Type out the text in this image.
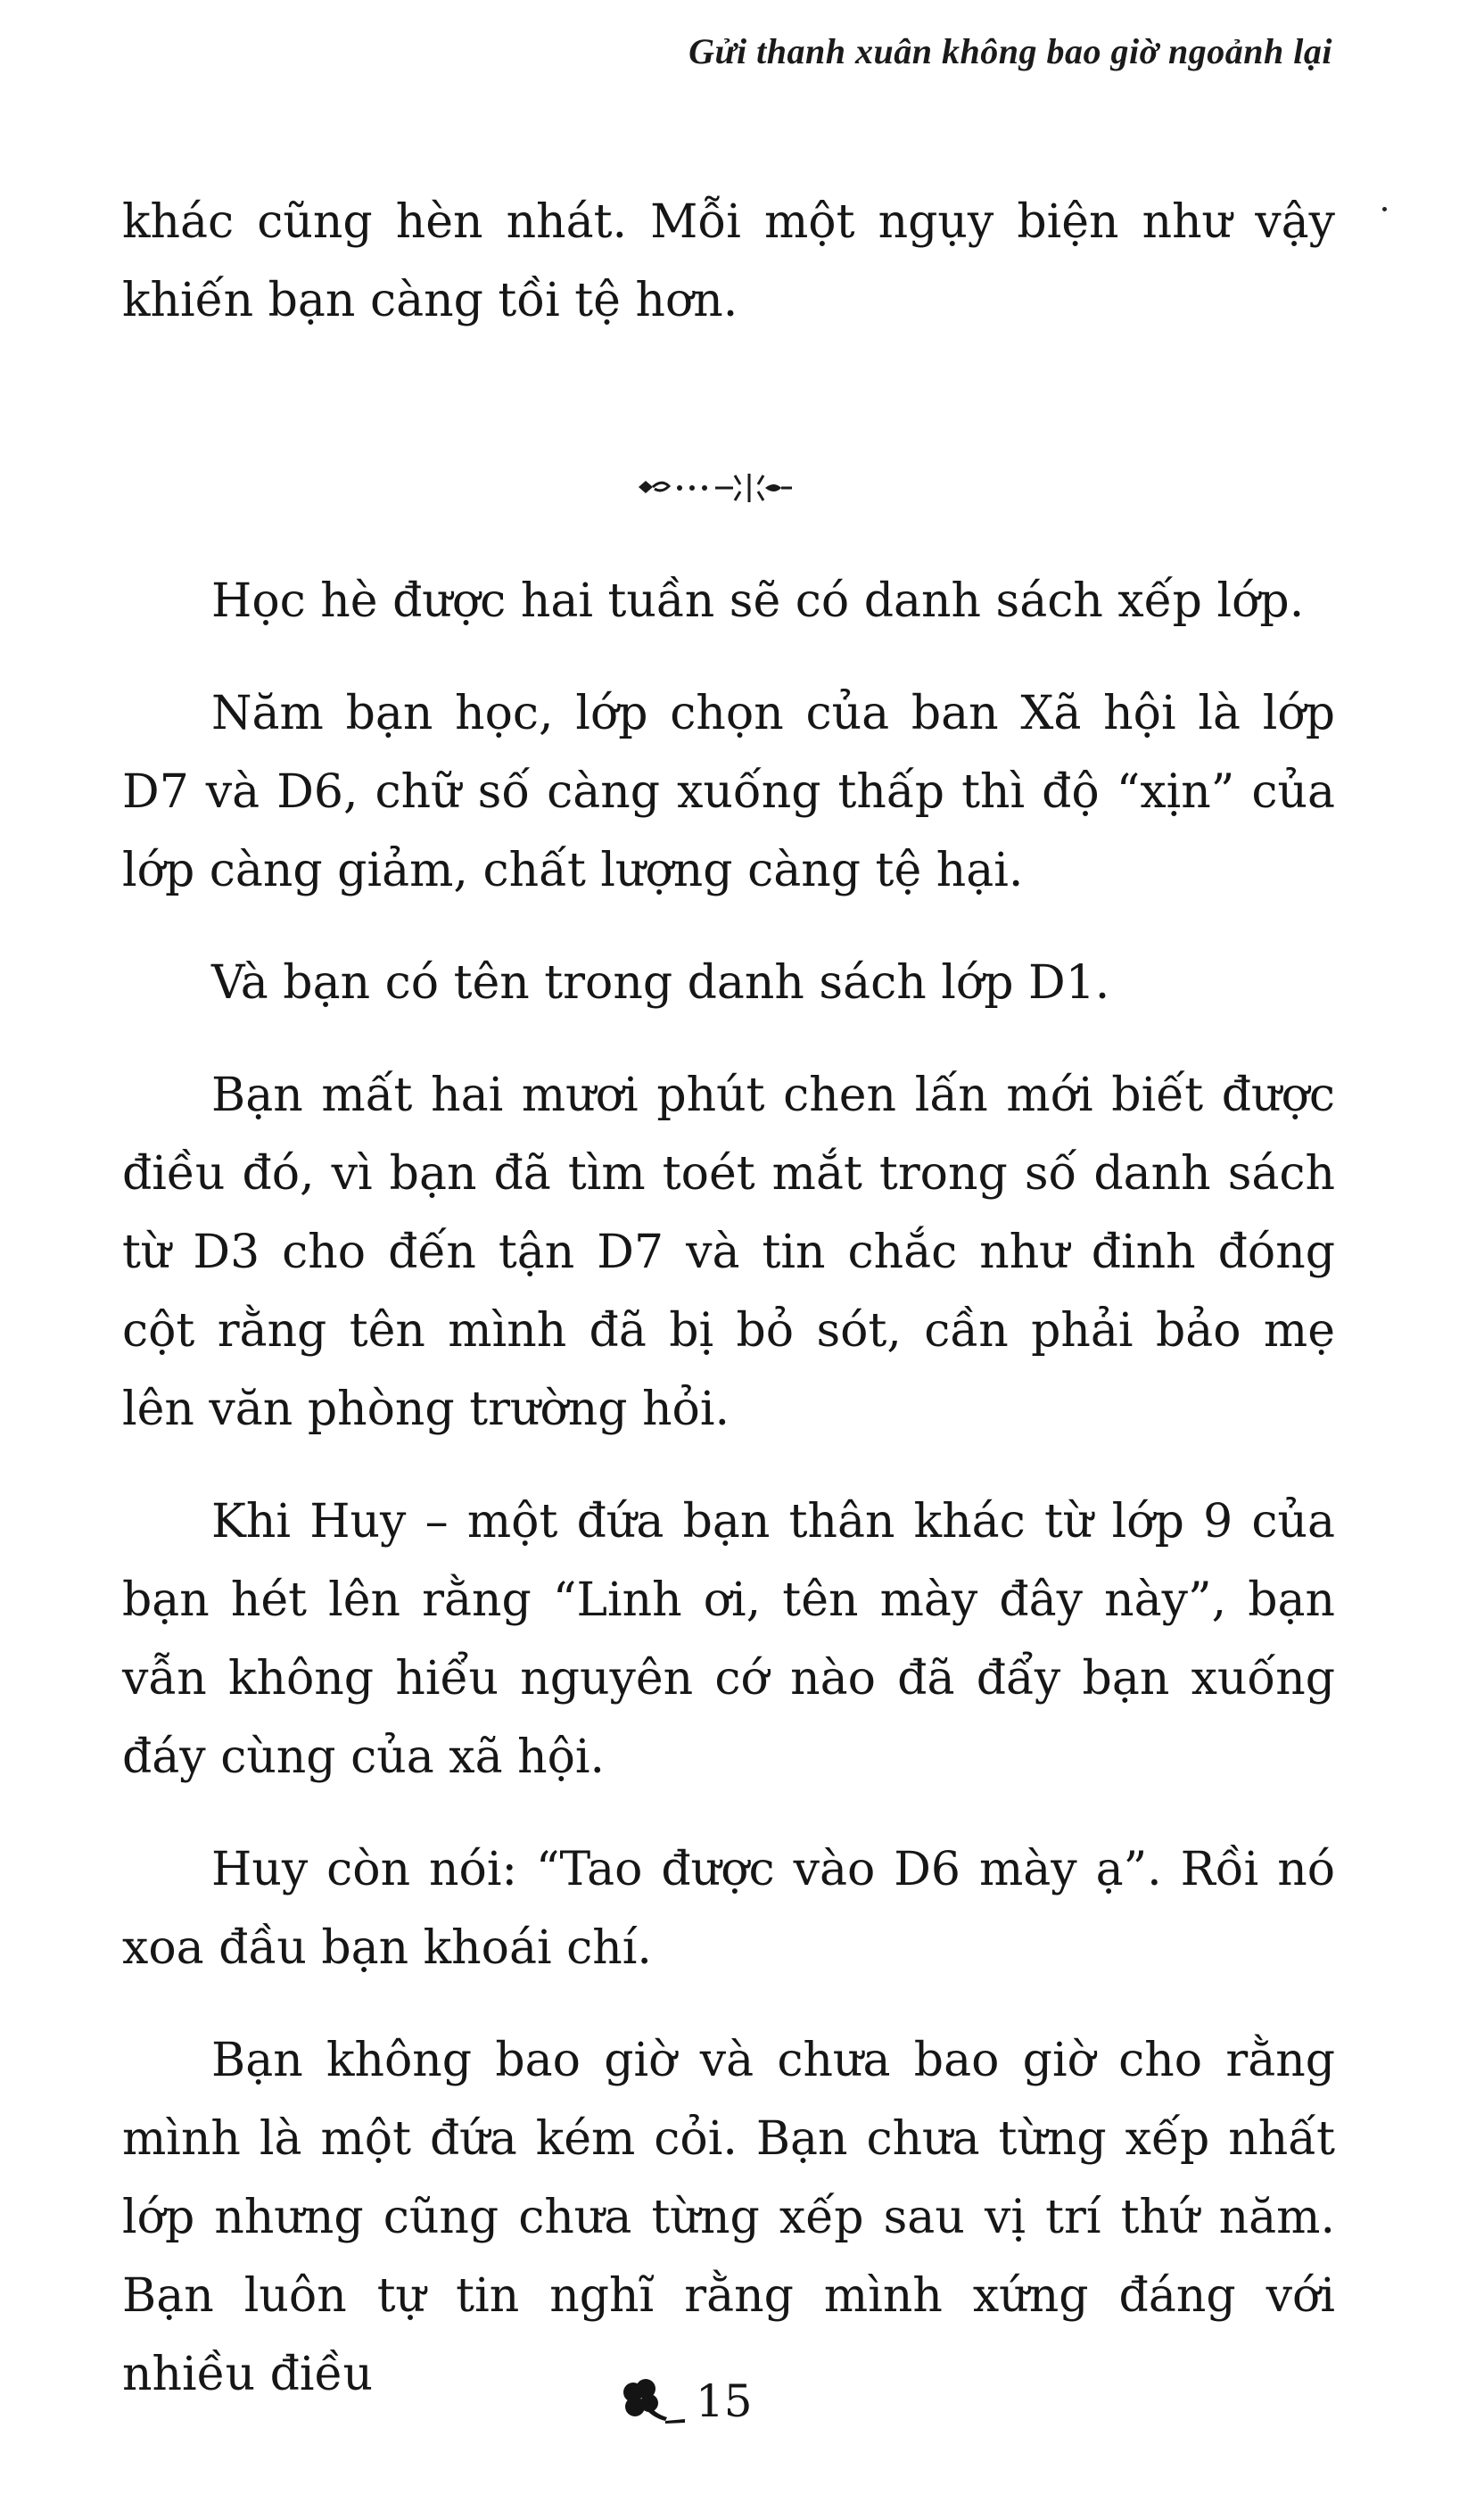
Gửi thanh xuân không bao giờ ngoảnh lại

khác cũng hèn nhát. Mỗi một ngụy biện như vậy khiến bạn càng tồi tệ hơn.

Học hè được hai tuần sẽ có danh sách xếp lớp.

Năm bạn học, lớp chọn của ban Xã hội là lớp D7 và D6, chữ số càng xuống thấp thì độ “xịn” của lớp càng giảm, chất lượng càng tệ hại.

Và bạn có tên trong danh sách lớp D1.

Bạn mất hai mươi phút chen lấn mới biết được điều đó, vì bạn đã tìm toét mắt trong số danh sách từ D3 cho đến tận D7 và tin chắc như đinh đóng cột rằng tên mình đã bị bỏ sót, cần phải bảo mẹ lên văn phòng trường hỏi.

Khi Huy – một đứa bạn thân khác từ lớp 9 của bạn hét lên rằng “Linh ơi, tên mày đây này”, bạn vẫn không hiểu nguyên cớ nào đã đẩy bạn xuống đáy cùng của xã hội.

Huy còn nói: “Tao được vào D6 mày ạ”. Rồi nó xoa đầu bạn khoái chí.

Bạn không bao giờ và chưa bao giờ cho rằng mình là một đứa kém cỏi. Bạn chưa từng xếp nhất lớp nhưng cũng chưa từng xếp sau vị trí thứ năm. Bạn luôn tự tin nghĩ rằng mình xứng đáng với nhiều điều	15
